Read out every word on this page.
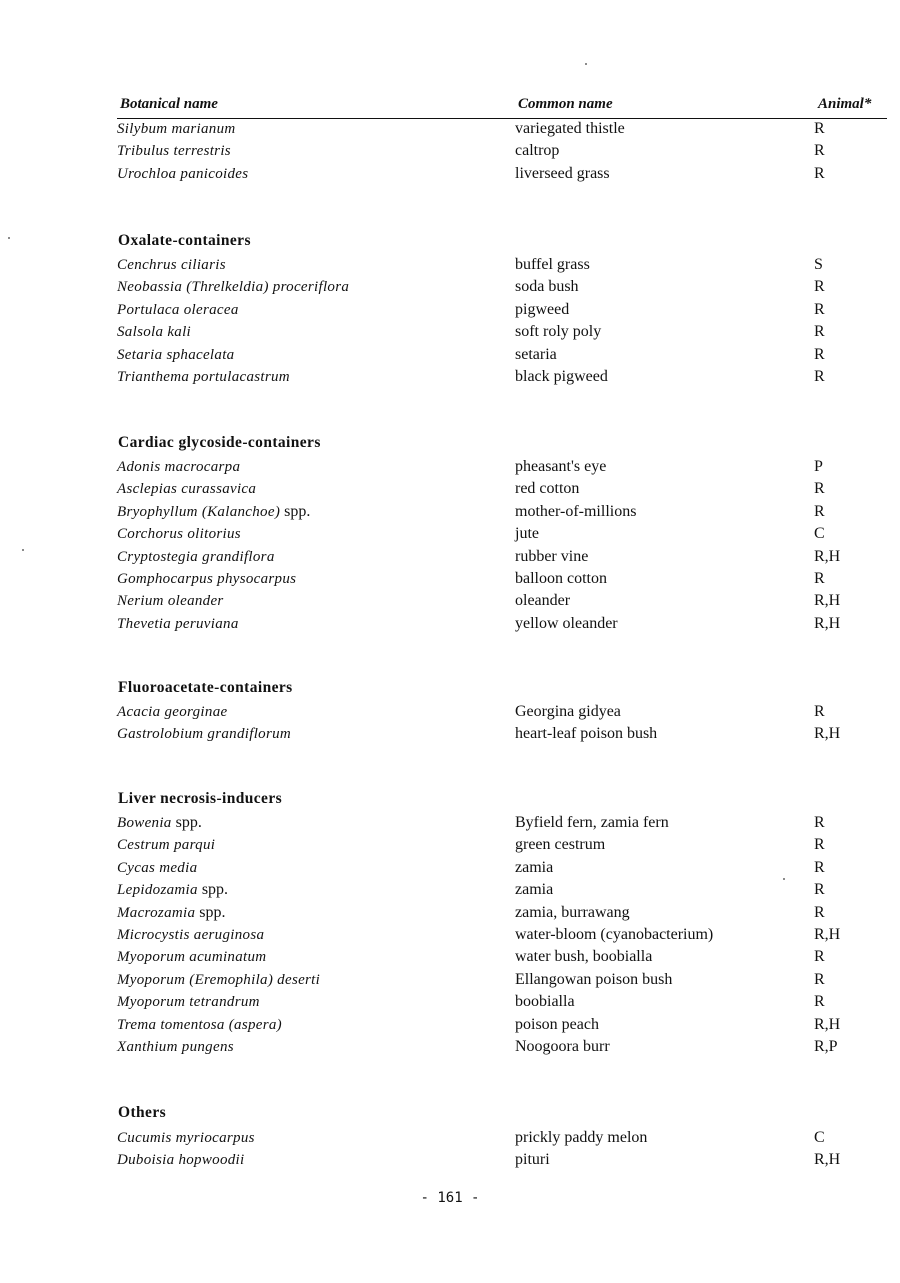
Botanical name	Common name	Animal*
Silybum marianum	variegated thistle	R
Tribulus terrestris	caltrop	R
Urochloa panicoides	liverseed grass	R
Oxalate-containers
Cenchrus ciliaris	buffel grass	S
Neobassia (Threlkeldia) proceriflora	soda bush	R
Portulaca oleracea	pigweed	R
Salsola kali	soft roly poly	R
Setaria sphacelata	setaria	R
Trianthema portulacastrum	black pigweed	R
Cardiac glycoside-containers
Adonis macrocarpa	pheasant's eye	P
Asclepias curassavica	red cotton	R
Bryophyllum (Kalanchoe) spp.	mother-of-millions	R
Corchorus olitorius	jute	C
Cryptostegia grandiflora	rubber vine	R,H
Gomphocarpus physocarpus	balloon cotton	R
Nerium oleander	oleander	R,H
Thevetia peruviana	yellow oleander	R,H
Fluoroacetate-containers
Acacia georginae	Georgina gidyea	R
Gastrolobium grandiflorum	heart-leaf poison bush	R,H
Liver necrosis-inducers
Bowenia spp.	Byfield fern, zamia fern	R
Cestrum parqui	green cestrum	R
Cycas media	zamia	R
Lepidozamia spp.	zamia	R
Macrozamia spp.	zamia, burrawang	R
Microcystis aeruginosa	water-bloom (cyanobacterium)	R,H
Myoporum acuminatum	water bush, boobialla	R
Myoporum (Eremophila) deserti	Ellangowan poison bush	R
Myoporum tetrandrum	boobialla	R
Trema tomentosa (aspera)	poison peach	R,H
Xanthium pungens	Noogoora burr	R,P
Others
Cucumis myriocarpus	prickly paddy melon	C
Duboisia hopwoodii	pituri	R,H
- 161 -
